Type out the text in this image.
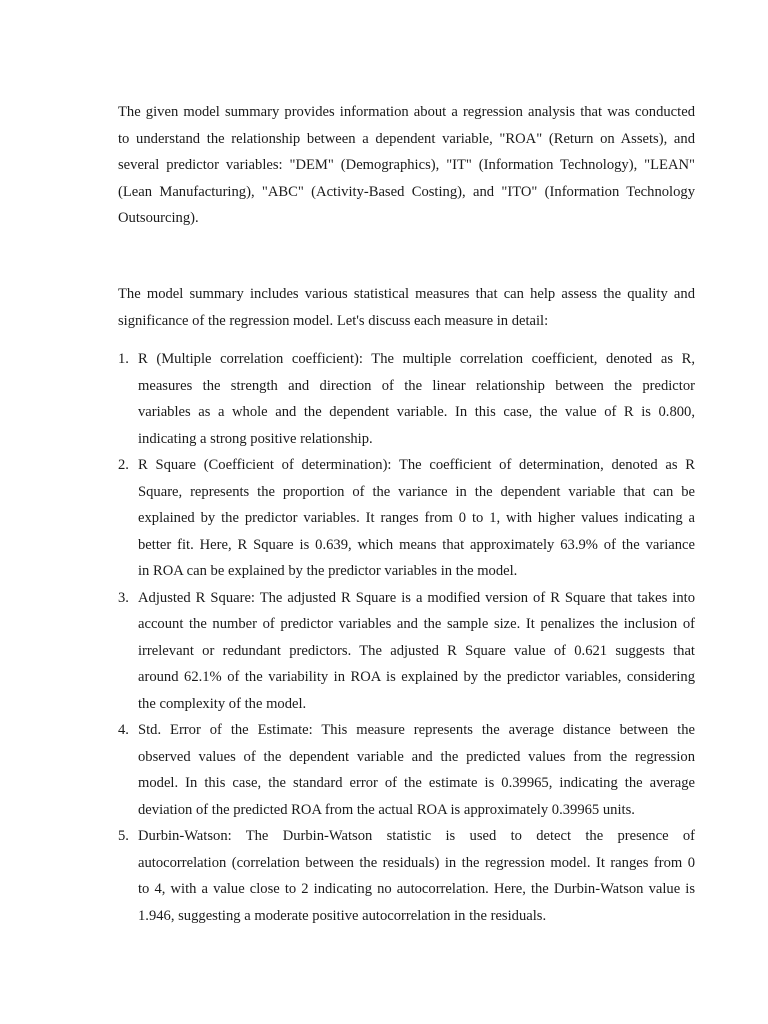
The given model summary provides information about a regression analysis that was conducted
to understand the relationship between a dependent variable, "ROA" (Return on Assets), and
several predictor variables: "DEM" (Demographics), "IT" (Information Technology), "LEAN"
(Lean Manufacturing), "ABC" (Activity-Based Costing), and "ITO" (Information Technology
Outsourcing).
The model summary includes various statistical measures that can help assess the quality and
significance of the regression model. Let's discuss each measure in detail:
1. R (Multiple correlation coefficient): The multiple correlation coefficient, denoted as R,
measures the strength and direction of the linear relationship between the predictor
variables as a whole and the dependent variable. In this case, the value of R is 0.800,
indicating a strong positive relationship.
2. R Square (Coefficient of determination): The coefficient of determination, denoted as R
Square, represents the proportion of the variance in the dependent variable that can be
explained by the predictor variables. It ranges from 0 to 1, with higher values indicating a
better fit. Here, R Square is 0.639, which means that approximately 63.9% of the variance
in ROA can be explained by the predictor variables in the model.
3. Adjusted R Square: The adjusted R Square is a modified version of R Square that takes into
account the number of predictor variables and the sample size. It penalizes the inclusion of
irrelevant or redundant predictors. The adjusted R Square value of 0.621 suggests that
around 62.1% of the variability in ROA is explained by the predictor variables, considering
the complexity of the model.
4. Std. Error of the Estimate: This measure represents the average distance between the
observed values of the dependent variable and the predicted values from the regression
model. In this case, the standard error of the estimate is 0.39965, indicating the average
deviation of the predicted ROA from the actual ROA is approximately 0.39965 units.
5. Durbin-Watson: The Durbin-Watson statistic is used to detect the presence of
autocorrelation (correlation between the residuals) in the regression model. It ranges from 0
to 4, with a value close to 2 indicating no autocorrelation. Here, the Durbin-Watson value is
1.946, suggesting a moderate positive autocorrelation in the residuals.
